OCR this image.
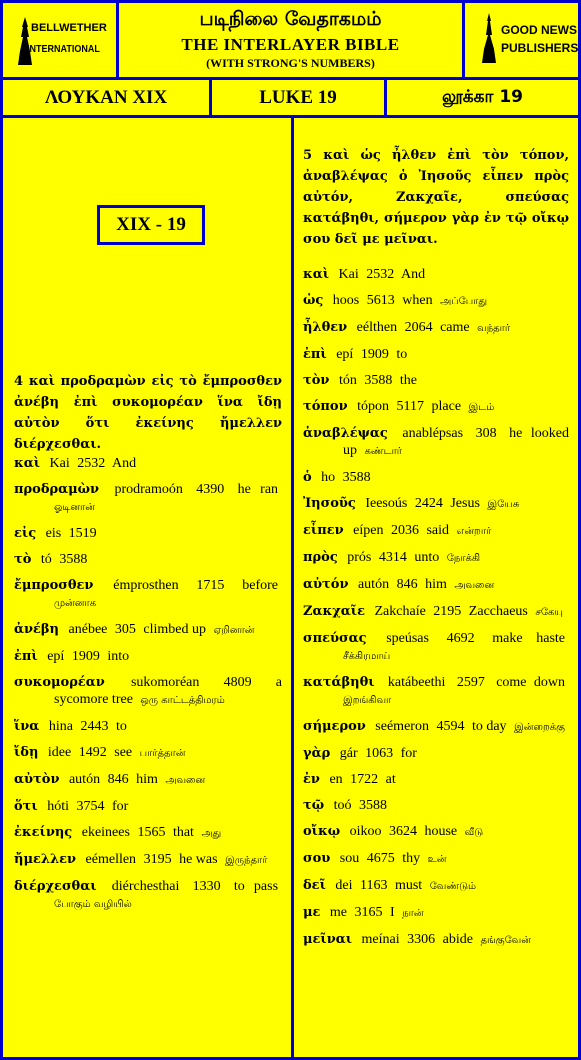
BELLWETHER
INTERNATIONAL
படிநிலை வேதாகமம்
THE INTERLAYER BIBLE
(WITH STRONG'S NUMBERS)
GOOD NEWS
PUBLISHERS
ΛΟΥΚΑΝ XIX	LUKE 19	லூக்கா 19
XIX - 19
4 καὶ προδραμὼν εἰς τὸ ἔμπροσθεν ἀνέβη ἐπὶ συκομορέαν ἵνα ἴδῃ αὐτὸν ὅτι ἐκείνης ἤμελλεν διέρχεσθαι.
καὶ Kai 2532 And
προδραμὼν prodramoón 4390 he ran ஓடினான்
εἰς eis 1519
τὸ tó 3588
ἔμπροσθεν émprosthen 1715 before முன்னாக
ἀνέβη anébee 305 climbed up ஏறினான்
ἐπὶ epí 1909 into
συκομορέαν sukomoréan 4809 a sycomore tree ஒரு காட்டத்திமரம்
ἵνα hina 2443 to
ἴδῃ idee 1492 see பார்த்தான்
αὐτὸν autón 846 him அவனை
ὅτι hóti 3754 for
ἐκείνης ekeinees 1565 that அது
ἤμελλεν eémellen 3195 he was இருந்தார்
διέρχεσθαι diérchesthai 1330 to pass போகும் வழியில்
5 καὶ ὡς ἦλθεν ἐπὶ τὸν τόπον, ἀναβλέψας ὁ Ἰησοῦς εἶπεν πρὸς αὐτόν, Ζακχαῖε, σπεύσας κατάβηθι, σήμερον γὰρ ἐν τῷ οἴκῳ σου δεῖ με μεῖναι.
καὶ Kai 2532 And
ὡς hoos 5613 when அப்போது
ἦλθεν eélthen 2064 came வந்தார்
ἐπὶ epí 1909 to
τὸν tón 3588 the
τόπον tópon 5117 place இடம்
ἀναβλέψας anablépsas 308 he looked up கண்டார்
ὁ ho 3588
Ἰησοῦς Ieesoús 2424 Jesus இயேசு
εἶπεν eípen 2036 said என்றார்
πρὸς prós 4314 unto நோக்கி
αὐτόν autón 846 him அவனை
Ζακχαῖε Zakchaíe 2195 Zacchaeus சகேயு
σπεύσας speúsas 4692 make haste சீக்கிரமாய்
κατάβηθι katábeethi 2597 come down இறங்கிவா
σήμερον seémeron 4594 to day இன்றைக்கு
γὰρ gár 1063 for
ἐν en 1722 at
τῷ toó 3588
οἴκῳ oikoo 3624 house வீடு
σου sou 4675 thy உன்
δεῖ dei 1163 must வேண்டும்
με me 3165 I நான்
μεῖναι meínai 3306 abide தங்குவேன்
